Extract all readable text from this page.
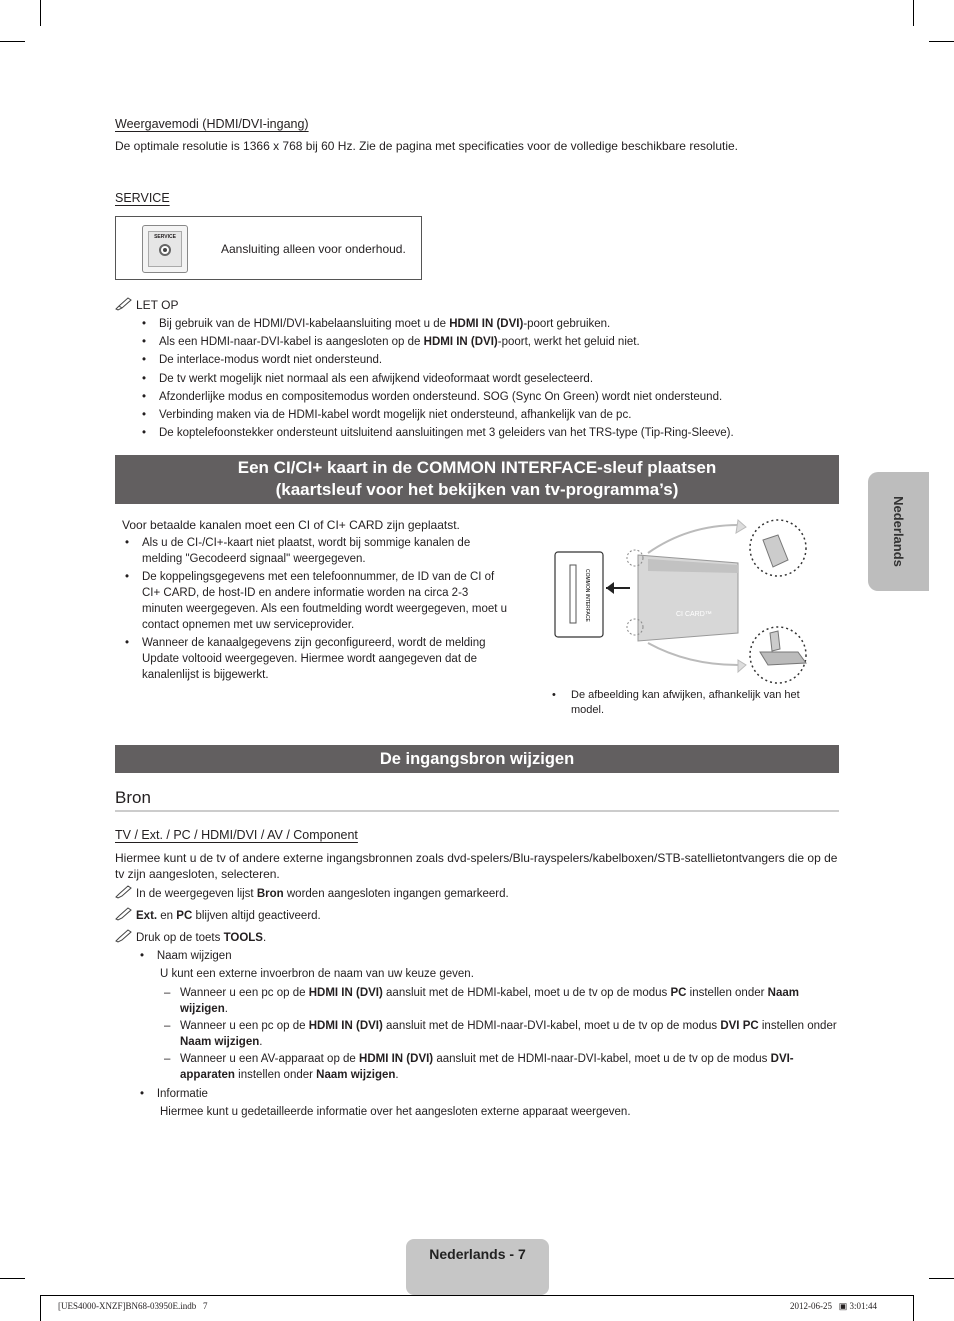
Weergavemodi (HDMI/DVI-ingang)
De optimale resolutie is 1366 x 768 bij 60 Hz. Zie de pagina met specificaties voor de volledige beschikbare resolutie.
SERVICE
SERVICE
Aansluiting alleen voor onderhoud.
LET OP
• Bij gebruik van de HDMI/DVI-kabelaansluiting moet u de HDMI IN (DVI)-poort gebruiken.
• Als een HDMI-naar-DVI-kabel is aangesloten op de HDMI IN (DVI)-poort, werkt het geluid niet.
• De interlace-modus wordt niet ondersteund.
• De tv werkt mogelijk niet normaal als een afwijkend videoformaat wordt geselecteerd.
• Afzonderlijke modus en compositemodus worden ondersteund. SOG (Sync On Green) wordt niet ondersteund.
• Verbinding maken via de HDMI-kabel wordt mogelijk niet ondersteund, afhankelijk van de pc.
• De koptelefoonstekker ondersteunt uitsluitend aansluitingen met 3 geleiders van het TRS-type (Tip-Ring-Sleeve).
Een CI/CI+ kaart in de COMMON INTERFACE-sleuf plaatsen
(kaartsleuf voor het bekijken van tv-programma’s)
Voor betaalde kanalen moet een CI of CI+ CARD zijn geplaatst.
• Als u de CI-/CI+-kaart niet plaatst, wordt bij sommige kanalen de melding "Gecodeerd signaal" weergegeven.
• De koppelingsgegevens met een telefoonnummer, de ID van de CI of CI+ CARD, de host-ID en andere informatie worden na circa 2-3 minuten weergegeven. Als een foutmelding wordt weergegeven, moet u contact opnemen met uw serviceprovider.
• Wanneer de kanaalgegevens zijn geconfigureerd, wordt de melding Update voltooid weergegeven. Hiermee wordt aangegeven dat de kanalenlijst is bijgewerkt.
COMMON INTERFACE	CI CARD™
•	De afbeelding kan afwijken, afhankelijk van het model.
De ingangsbron wijzigen
Bron
TV / Ext. / PC / HDMI/DVI / AV / Component
Hiermee kunt u de tv of andere externe ingangsbronnen zoals dvd-spelers/Blu-rayspelers/kabelboxen/STB-satellietontvangers die op de tv zijn aangesloten, selecteren.
In de weergegeven lijst Bron worden aangesloten ingangen gemarkeerd.
Ext. en PC blijven altijd geactiveerd.
Druk op de toets TOOLS.
•    Naam wijzigen
U kunt een externe invoerbron de naam van uw keuze geven.
– Wanneer u een pc op de HDMI IN (DVI) aansluit met de HDMI-kabel, moet u de tv op de modus PC instellen onder Naam wijzigen.
– Wanneer u een pc op de HDMI IN (DVI) aansluit met de HDMI-naar-DVI-kabel, moet u de tv op de modus DVI PC instellen onder Naam wijzigen.
– Wanneer u een AV-apparaat op de HDMI IN (DVI) aansluit met de HDMI-naar-DVI-kabel, moet u de tv op de modus DVI-apparaten instellen onder Naam wijzigen.
•    Informatie
Hiermee kunt u gedetailleerde informatie over het aangesloten externe apparaat weergeven.
Nederlands
Nederlands - 7
[UES4000-XNZF]BN68-03950E.indb   7	2012-06-25   ▣ 3:01:44
